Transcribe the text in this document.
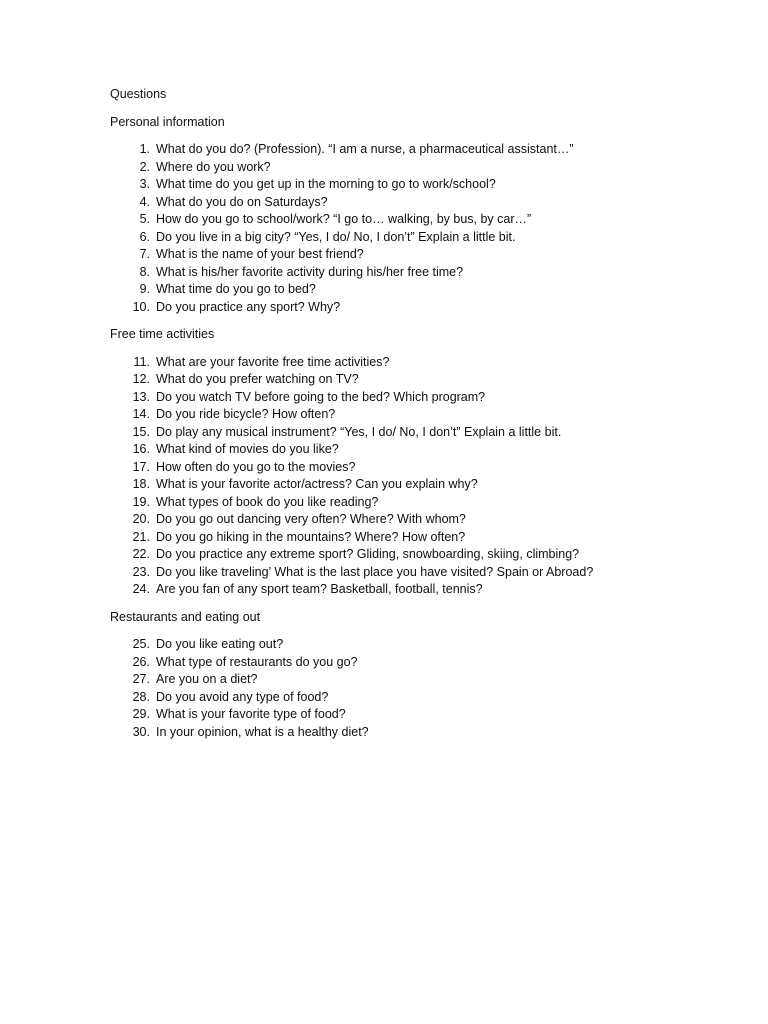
Questions
Personal information
1. What do you do? (Profession). “I am a nurse, a pharmaceutical assistant…”
2. Where do you work?
3. What time do you get up in the morning to go to work/school?
4. What do you do on Saturdays?
5. How do you go to school/work? “I go to… walking, by bus, by car…”
6. Do you live in a big city? “Yes, I do/ No, I don’t” Explain a little bit.
7. What is the name of your best friend?
8. What is his/her favorite activity during his/her free time?
9. What time do you go to bed?
10. Do you practice any sport? Why?
Free time activities
11. What are your favorite free time activities?
12. What do you prefer watching on TV?
13. Do you watch TV before going to the bed? Which program?
14. Do you ride bicycle? How often?
15. Do play any musical instrument? “Yes, I do/ No, I don’t” Explain a little bit.
16. What kind of movies do you like?
17. How often do you go to the movies?
18. What is your favorite actor/actress? Can you explain why?
19. What types of book do you like reading?
20. Do you go out dancing very often? Where? With whom?
21. Do you go hiking in the mountains? Where? How often?
22. Do you practice any extreme sport? Gliding, snowboarding, skiing, climbing?
23. Do you like traveling’ What is the last place you have visited? Spain or Abroad?
24. Are you fan of any sport team? Basketball, football, tennis?
Restaurants and eating out
25. Do you like eating out?
26. What type of restaurants do you go?
27. Are you on a diet?
28. Do you avoid any type of food?
29. What is your favorite type of food?
30. In your opinion, what is a healthy diet?
